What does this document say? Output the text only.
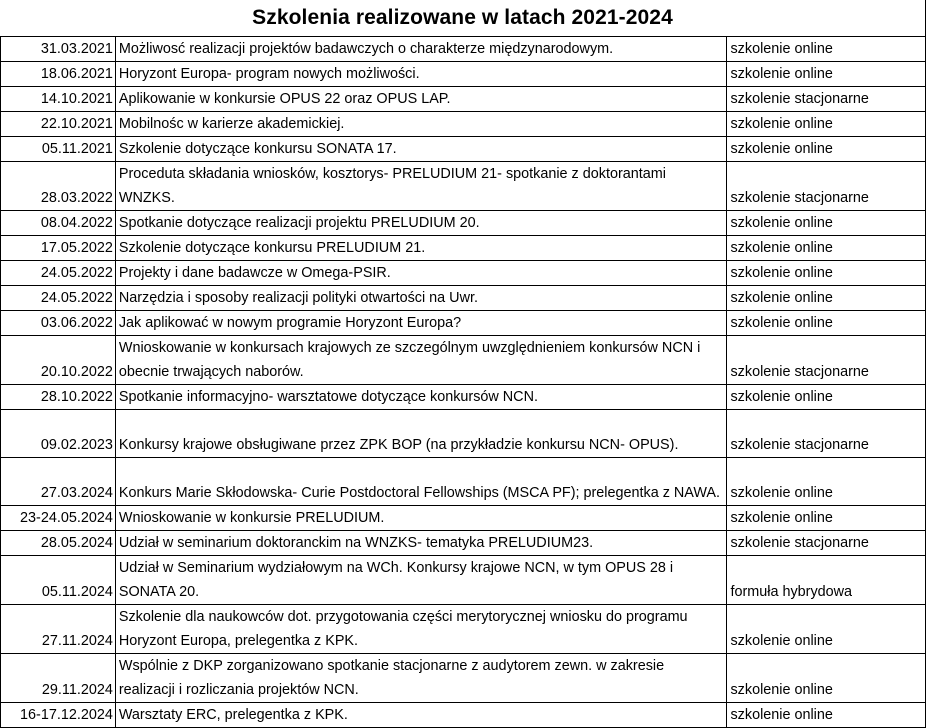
Szkolenia realizowane w latach 2021-2024
31.03.2021	Możliwosć realizacji projektów badawczych o charakterze międzynarodowym.	szkolenie online
18.06.2021	Horyzont Europa- program nowych możliwości.	szkolenie online
14.10.2021	Aplikowanie w konkursie OPUS 22 oraz OPUS LAP.	szkolenie stacjonarne
22.10.2021	Mobilnośc w karierze akademickiej.	szkolenie online
05.11.2021	Szkolenie dotyczące konkursu SONATA 17.	szkolenie online
28.03.2022	Proceduta składania wniosków, kosztorys- PRELUDIUM 21- spotkanie z doktorantami WNZKS.	szkolenie stacjonarne
08.04.2022	Spotkanie dotyczące realizacji projektu PRELUDIUM 20.	szkolenie online
17.05.2022	Szkolenie dotyczące konkursu PRELUDIUM 21.	szkolenie online
24.05.2022	Projekty i dane badawcze w Omega-PSIR.	szkolenie online
24.05.2022	Narzędzia i sposoby realizacji polityki otwartości na Uwr.	szkolenie online
03.06.2022	Jak aplikować w nowym programie Horyzont Europa?	szkolenie online
20.10.2022	Wnioskowanie w konkursach krajowych ze szczególnym uwzględnieniem konkursów NCN i obecnie trwających naborów.	szkolenie stacjonarne
28.10.2022	Spotkanie informacyjno- warsztatowe dotyczące konkursów NCN.	szkolenie online
09.02.2023	Konkursy krajowe obsługiwane przez ZPK BOP (na przykładzie konkursu NCN- OPUS).	szkolenie stacjonarne
27.03.2024	Konkurs Marie Skłodowska- Curie Postdoctoral Fellowships (MSCA PF); prelegentka z NAWA.	szkolenie online
23-24.05.2024	Wnioskowanie w konkursie PRELUDIUM.	szkolenie online
28.05.2024	Udział w seminarium doktoranckim na WNZKS- tematyka PRELUDIUM23.	szkolenie stacjonarne
05.11.2024	Udział w Seminarium wydziałowym na WCh. Konkursy krajowe NCN, w tym OPUS 28 i SONATA 20.	formuła hybrydowa
27.11.2024	Szkolenie dla naukowców dot. przygotowania części merytorycznej wniosku do programu Horyzont Europa, prelegentka z KPK.	szkolenie online
29.11.2024	Wspólnie z DKP zorganizowano spotkanie stacjonarne z audytorem zewn. w zakresie realizacji i rozliczania projektów NCN.	szkolenie online
16-17.12.2024	Warsztaty ERC, prelegentka z KPK.	szkolenie online
